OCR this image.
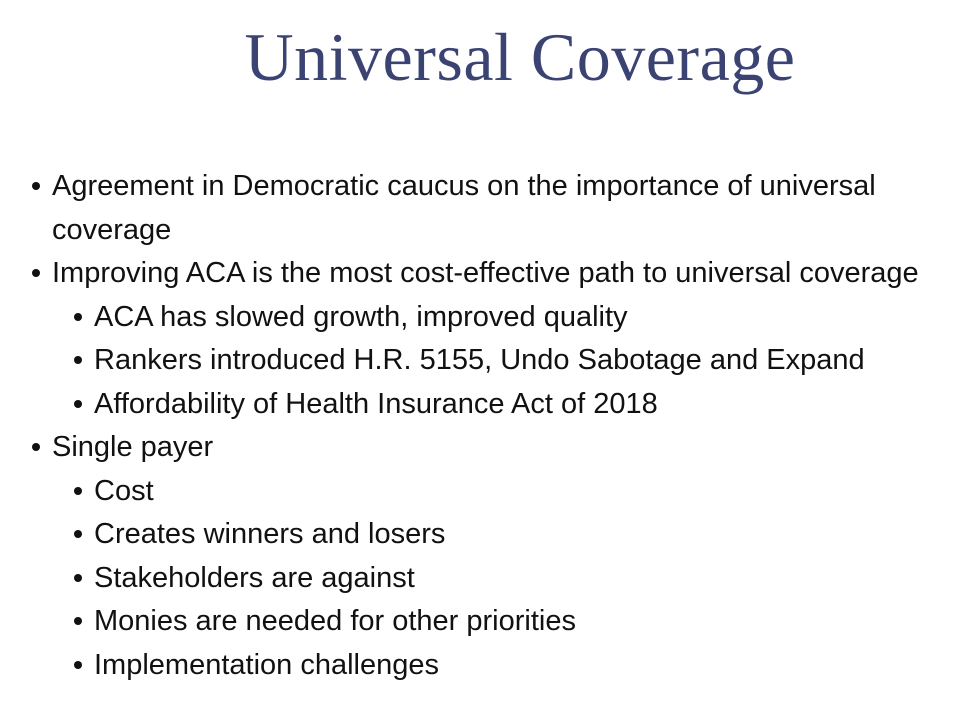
Universal Coverage
Agreement in Democratic caucus on the importance of universal coverage
Improving ACA is the most cost-effective path to universal coverage
ACA has slowed growth, improved quality
Rankers introduced H.R. 5155, Undo Sabotage and Expand
Affordability of Health Insurance Act of 2018
Single payer
Cost
Creates winners and losers
Stakeholders are against
Monies are needed for other priorities
Implementation challenges
